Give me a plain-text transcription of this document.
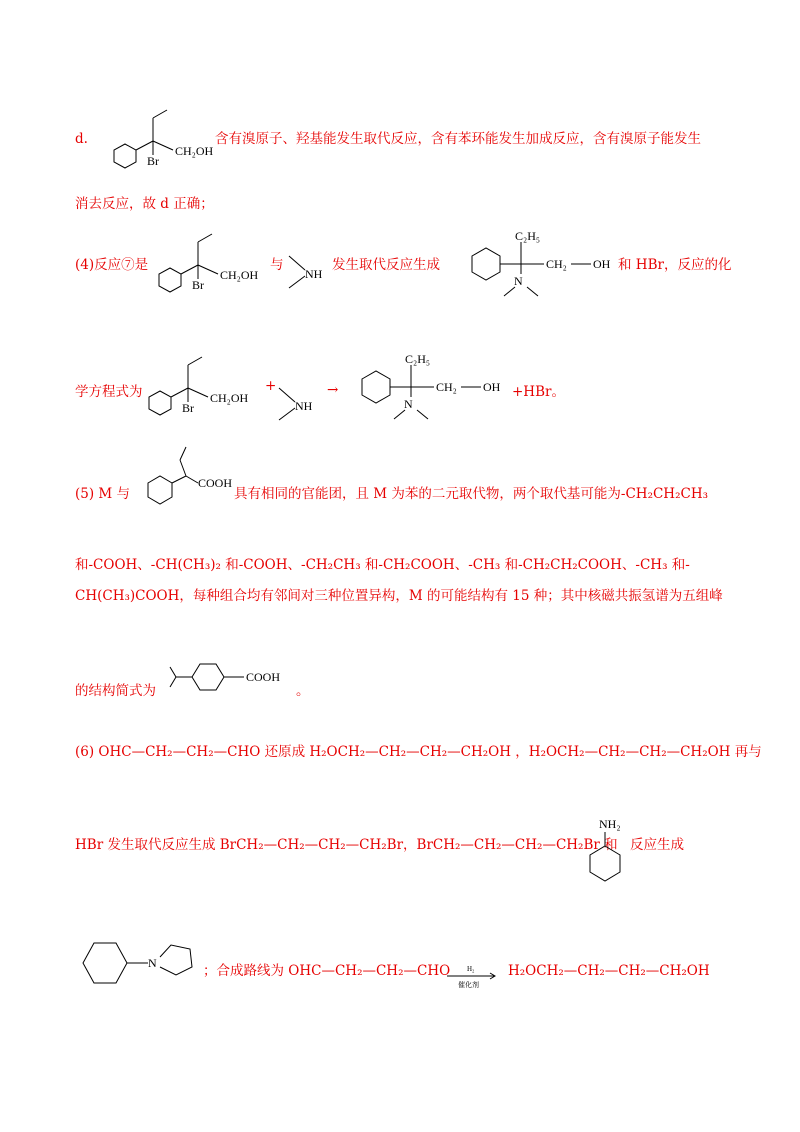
d.
Br
CH₂OH
含有溴原子、羟基能发生取代反应，含有苯环能发生加成反应，含有溴原子能发生
消去反应，故 d 正确；
(4)反应⑦是
Br
CH₂OH
与
NH
发生取代反应生成
C₂H₅
CH₂ OH
N
和 HBr，反应的化
学方程式为
Br
CH₂OH
+
NH
→
C₂H₅
CH₂ OH
N
+HBr。
(5) M 与
COOH
具有相同的官能团，且 M 为苯的二元取代物，两个取代基可能为-CH₂CH₂CH₃
和-COOH、-CH(CH₃)₂ 和-COOH、-CH₂CH₃ 和-CH₂COOH、-CH₃ 和-CH₂CH₂COOH、-CH₃ 和-
CH(CH₃)COOH，每种组合均有邻间对三种位置异构，M 的可能结构有 15 种；其中核磁共振氢谱为五组峰
的结构简式为
COOH
。
(6) OHC—CH₂—CH₂—CHO 还原成 H₂OCH₂—CH₂—CH₂—CH₂OH ，H₂OCH₂—CH₂—CH₂—CH₂OH 再与
HBr 发生取代反应生成 BrCH₂—CH₂—CH₂—CH₂Br，BrCH₂—CH₂—CH₂—CH₂Br 和
NH₂
反应生成
N	；合成路线为 OHC—CH₂—CH₂—CHO H₂
催化剂
H₂OCH₂—CH₂—CH₂—CH₂OH
